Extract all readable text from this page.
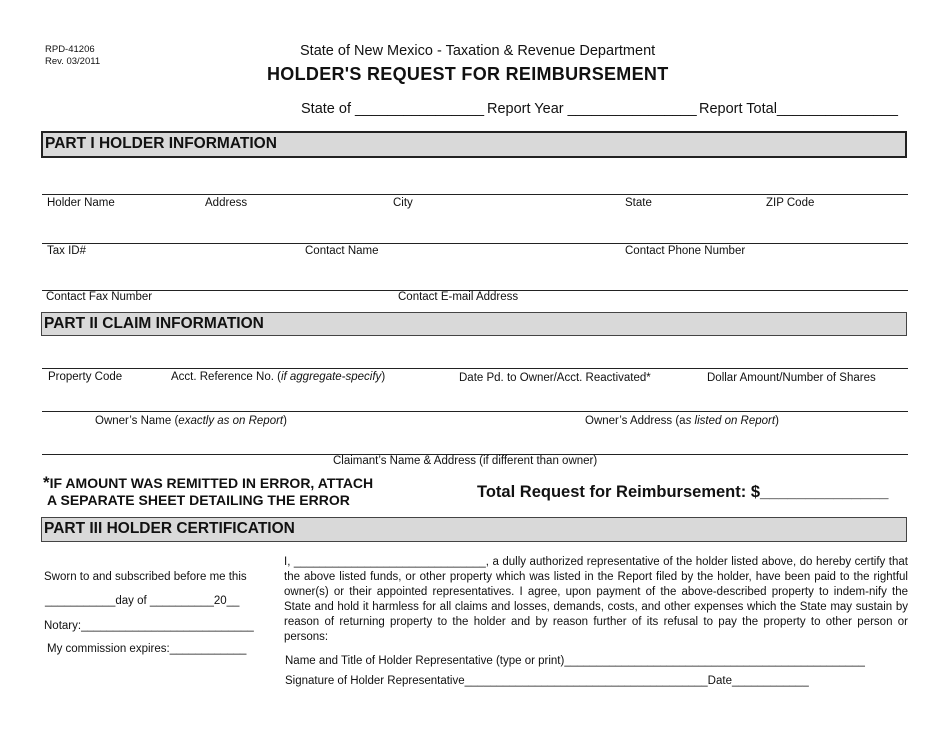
RPD-41206
Rev. 03/2011
State of New Mexico - Taxation & Revenue Department
HOLDER'S REQUEST FOR REIMBURSEMENT
State of ________________ Report Year ________________ Report Total_______________
PART I HOLDER INFORMATION
Holder Name	Address	City	State	ZIP Code
Tax ID#	Contact Name	Contact Phone Number
Contact Fax Number	Contact E-mail Address
PART II CLAIM INFORMATION
Property Code	Acct. Reference No. (if aggregate-specify)	Date Pd. to Owner/Acct. Reactivated*	Dollar Amount/Number of Shares
Owner’s Name (exactly as on Report)	Owner’s Address (as listed on Report)
Claimant’s Name & Address (if different than owner)
*IF AMOUNT WAS REMITTED IN ERROR, ATTACH
A SEPARATE SHEET DETAILING THE ERROR	Total Request for Reimbursement: $______________
PART III HOLDER CERTIFICATION
Sworn to and subscribed before me this
___________day of __________20__
Notary:___________________________
My commission expires:____________
I, ______________________________, a dully authorized representative of the holder listed above, do hereby certify that the above listed funds, or other property which was listed in the Report filed by the holder, have been paid to the rightful owner(s) or their appointed representatives. I agree, upon payment of the above-described property to indem-nify the State and hold it harmless for all claims and losses, demands, costs, and other expenses which the State may sustain by reason of returning property to the holder and by reason further of its refusal to pay the property to other person or persons:
Name and Title of Holder Representative (type or print)_______________________________________________
Signature of Holder Representative______________________________________Date____________
